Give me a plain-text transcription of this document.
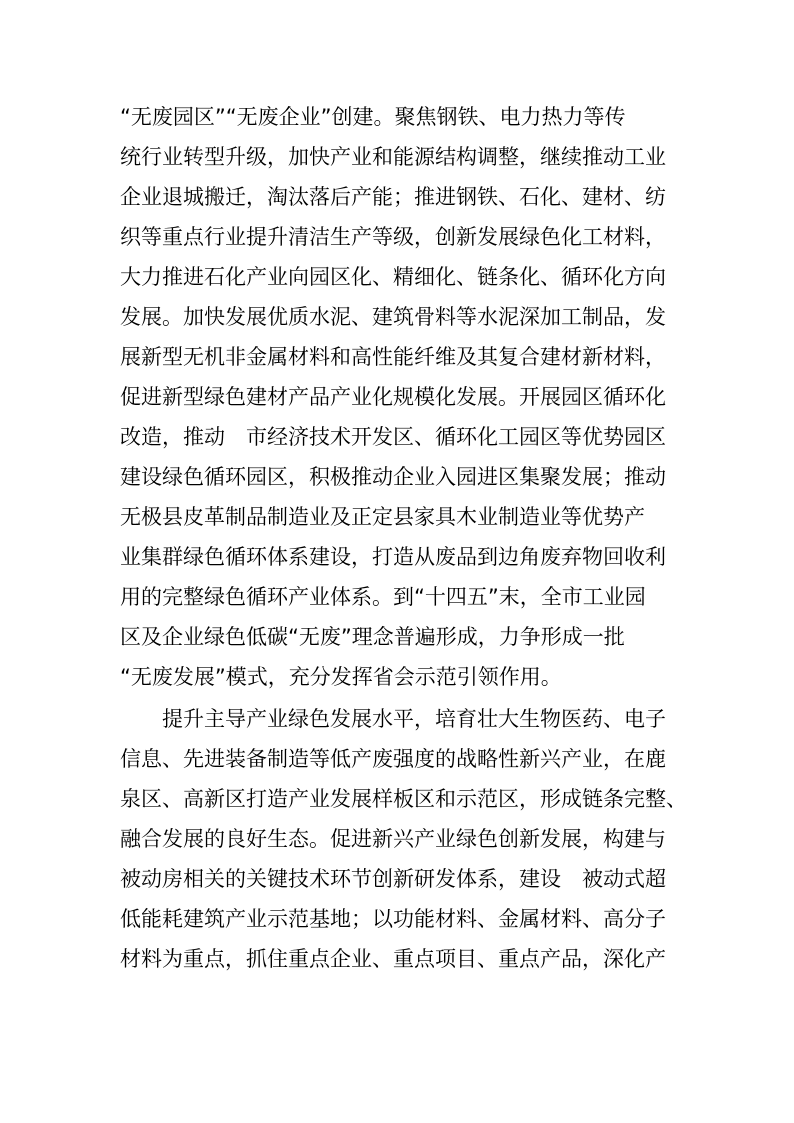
“无废园区”“无废企业”创建。聚焦钢铁、电力热力等传
统行业转型升级，加快产业和能源结构调整，继续推动工业
企业退城搬迁，淘汰落后产能；推进钢铁、石化、建材、纺
织等重点行业提升清洁生产等级，创新发展绿色化工材料，
大力推进石化产业向园区化、精细化、链条化、循环化方向
发展。加快发展优质水泥、建筑骨料等水泥深加工制品，发
展新型无机非金属材料和高性能纤维及其复合建材新材料，
促进新型绿色建材产品产业化规模化发展。开展园区循环化
改造，推动　市经济技术开发区、循环化工园区等优势园区
建设绿色循环园区，积极推动企业入园进区集聚发展；推动
无极县皮革制品制造业及正定县家具木业制造业等优势产
业集群绿色循环体系建设，打造从废品到边角废弃物回收利
用的完整绿色循环产业体系。到“十四五”末，全市工业园
区及企业绿色低碳“无废”理念普遍形成，力争形成一批
“无废发展”模式，充分发挥省会示范引领作用。
提升主导产业绿色发展水平，培育壮大生物医药、电子
信息、先进装备制造等低产废强度的战略性新兴产业，在鹿
泉区、高新区打造产业发展样板区和示范区，形成链条完整、
融合发展的良好生态。促进新兴产业绿色创新发展，构建与
被动房相关的关键技术环节创新研发体系，建设　被动式超
低能耗建筑产业示范基地；以功能材料、金属材料、高分子
材料为重点，抓住重点企业、重点项目、重点产品，深化产
